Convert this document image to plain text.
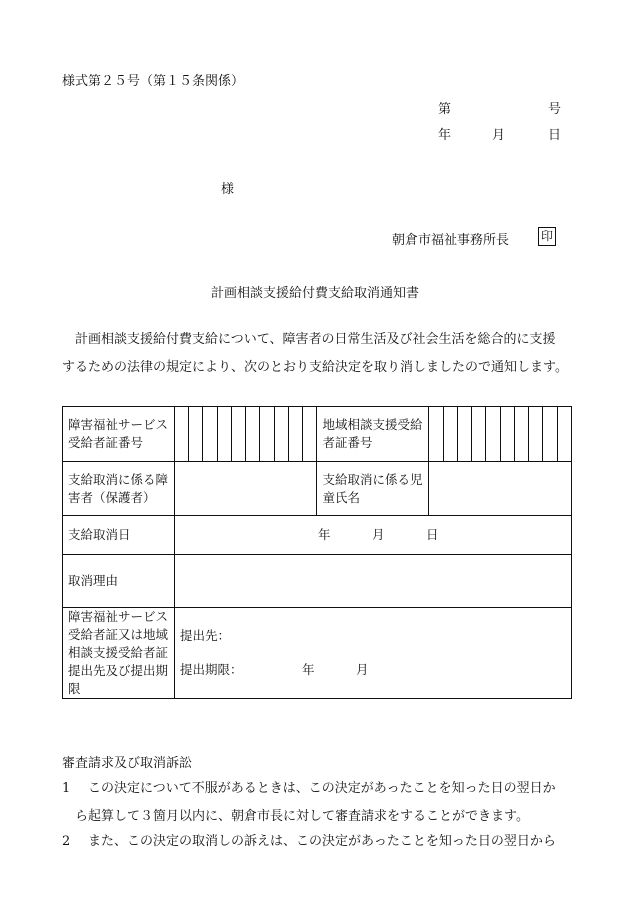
様式第２５号（第１５条関係）
第	号
年	月	日
様
朝倉市福祉事務所長	印
計画相談支援給付費支給取消通知書

計画相談支援給付費支給について、障害者の日常生活及び社会生活を総合的に支援

するための法律の規定により、次のとおり支給決定を取り消しましたので通知します。

障害福祉サービス受給者証番号											地域相談支援受給者証番号										
支給取消に係る障害者（保護者）											支給取消に係る児童氏名										
支給取消日	年 月 日																				

取消理由																					
障害福祉サービス受給者証又は地域相談支援受給者証提出先及び提出期限	提出先：
提出期限： 年 月																				
審査請求及び取消訴訟

1 この決定について不服があるときは、この決定があったことを知った日の翌日か

ら起算して３箇月以内に、朝倉市長に対して審査請求をすることができます。

2 また、この決定の取消しの訴えは、この決定があったことを知った日の翌日から
